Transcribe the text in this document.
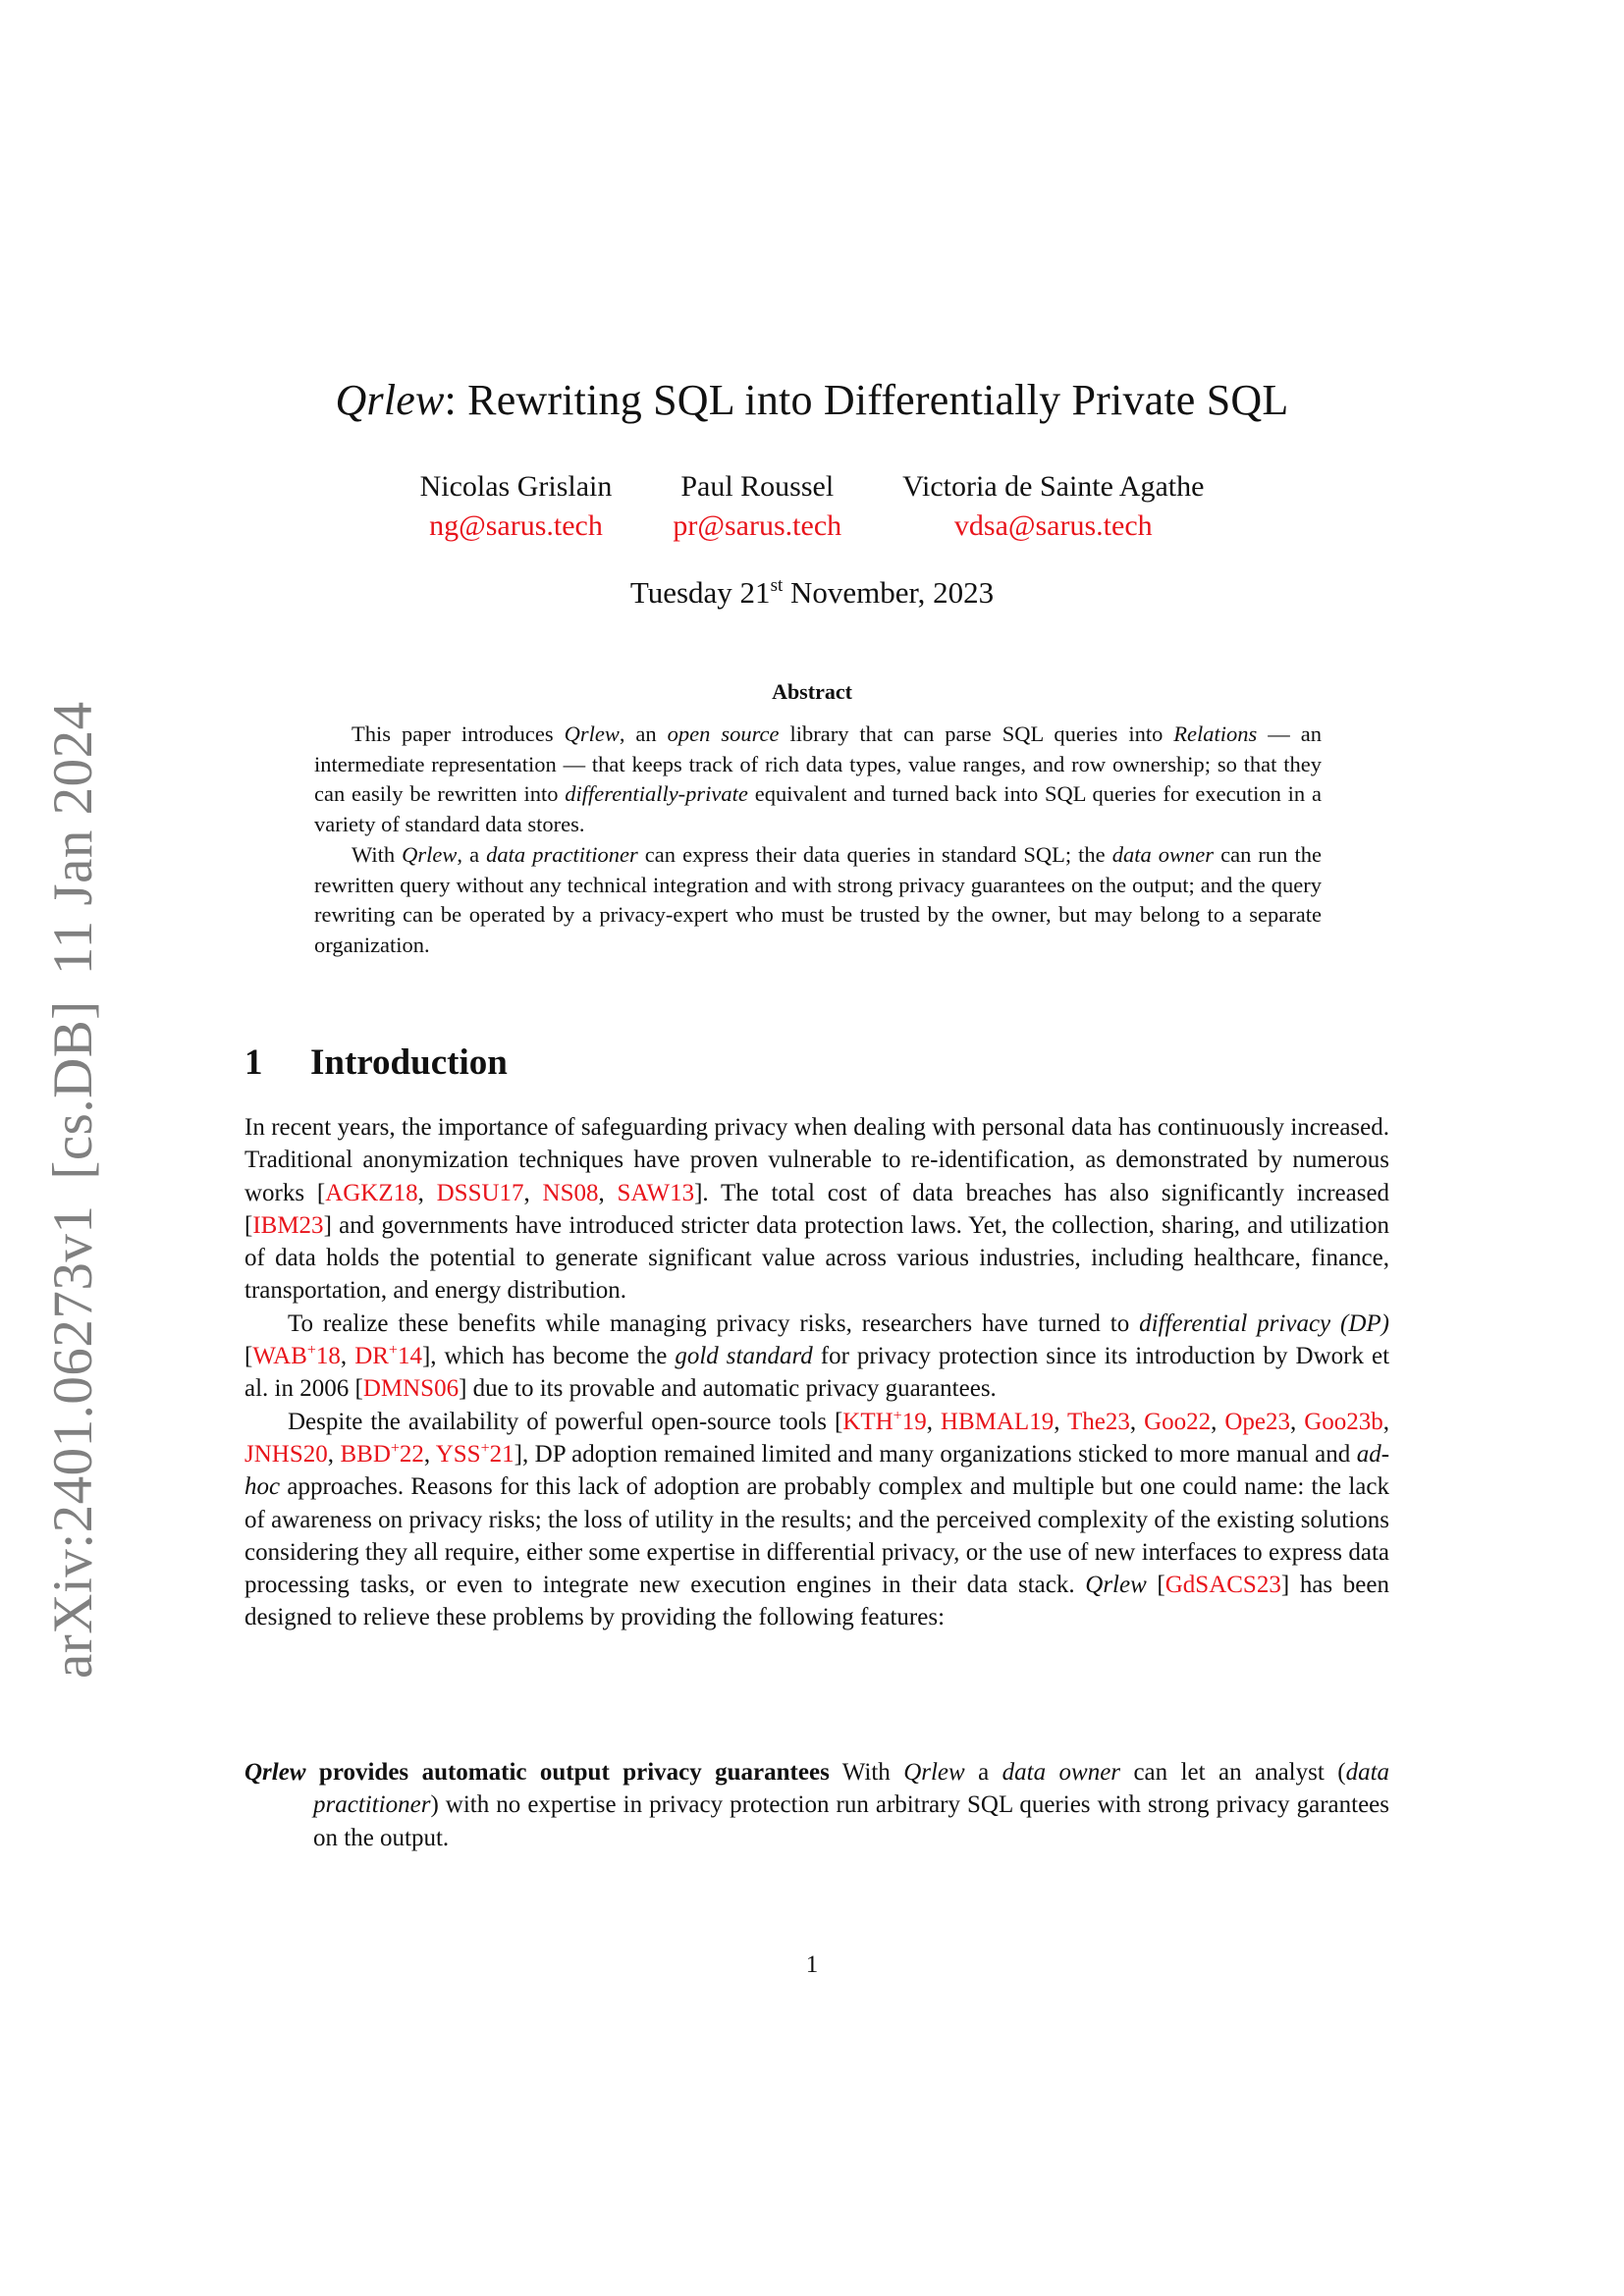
arXiv:2401.06273v1[cs.DB]11 Jan 2024
Qrlew: Rewriting SQL into Differentially Private SQL
Nicolas Grislain
ng@sarus.tech
Paul Roussel
pr@sarus.tech
Victoria de Sainte Agathe
vdsa@sarus.tech
Tuesday 21st November, 2023
Abstract

This paper introduces Qrlew, an open source library that can parse SQL queries into Relations — an intermediate representation — that keeps track of rich data types, value ranges, and row ownership; so that they can easily be rewritten into differentially-private equivalent and turned back into SQL queries for execution in a variety of standard data stores.

With Qrlew, a data practitioner can express their data queries in standard SQL; the data owner can run the rewritten query without any technical integration and with strong privacy guarantees on the output; and the query rewriting can be operated by a privacy-expert who must be trusted by the owner, but may belong to a separate organization.

1 Introduction

In recent years, the importance of safeguarding privacy when dealing with personal data has continuously increased. Traditional anonymization techniques have proven vulnerable to re-identification, as demonstrated by numerous works [AGKZ18, DSSU17, NS08, SAW13]. The total cost of data breaches has also significantly increased [IBM23] and governments have introduced stricter data protection laws. Yet, the collection, sharing, and utilization of data holds the potential to generate significant value across various industries, including healthcare, finance, transportation, and energy distribution.

To realize these benefits while managing privacy risks, researchers have turned to differential privacy (DP) [WAB+18, DR+14], which has become the gold standard for privacy protection since its introduction by Dwork et al. in 2006 [DMNS06] due to its provable and automatic privacy guarantees.

Despite the availability of powerful open-source tools [KTH+19, HBMAL19, The23, Goo22, Ope23, Goo23b, JNHS20, BBD+22, YSS+21], DP adoption remained limited and many organizations sticked to more manual and ad-hoc approaches. Reasons for this lack of adoption are probably complex and multiple but one could name: the lack of awareness on privacy risks; the loss of utility in the results; and the perceived complexity of the existing solutions considering they all require, either some expertise in differential privacy, or the use of new interfaces to express data processing tasks, or even to integrate new execution engines in their data stack. Qrlew [GdSACS23] has been designed to relieve these problems by providing the following features:

Qrlew provides automatic output privacy guarantees With Qrlew a data owner can let an analyst (data practitioner) with no expertise in privacy protection run arbitrary SQL queries with strong privacy garantees on the output.
1
